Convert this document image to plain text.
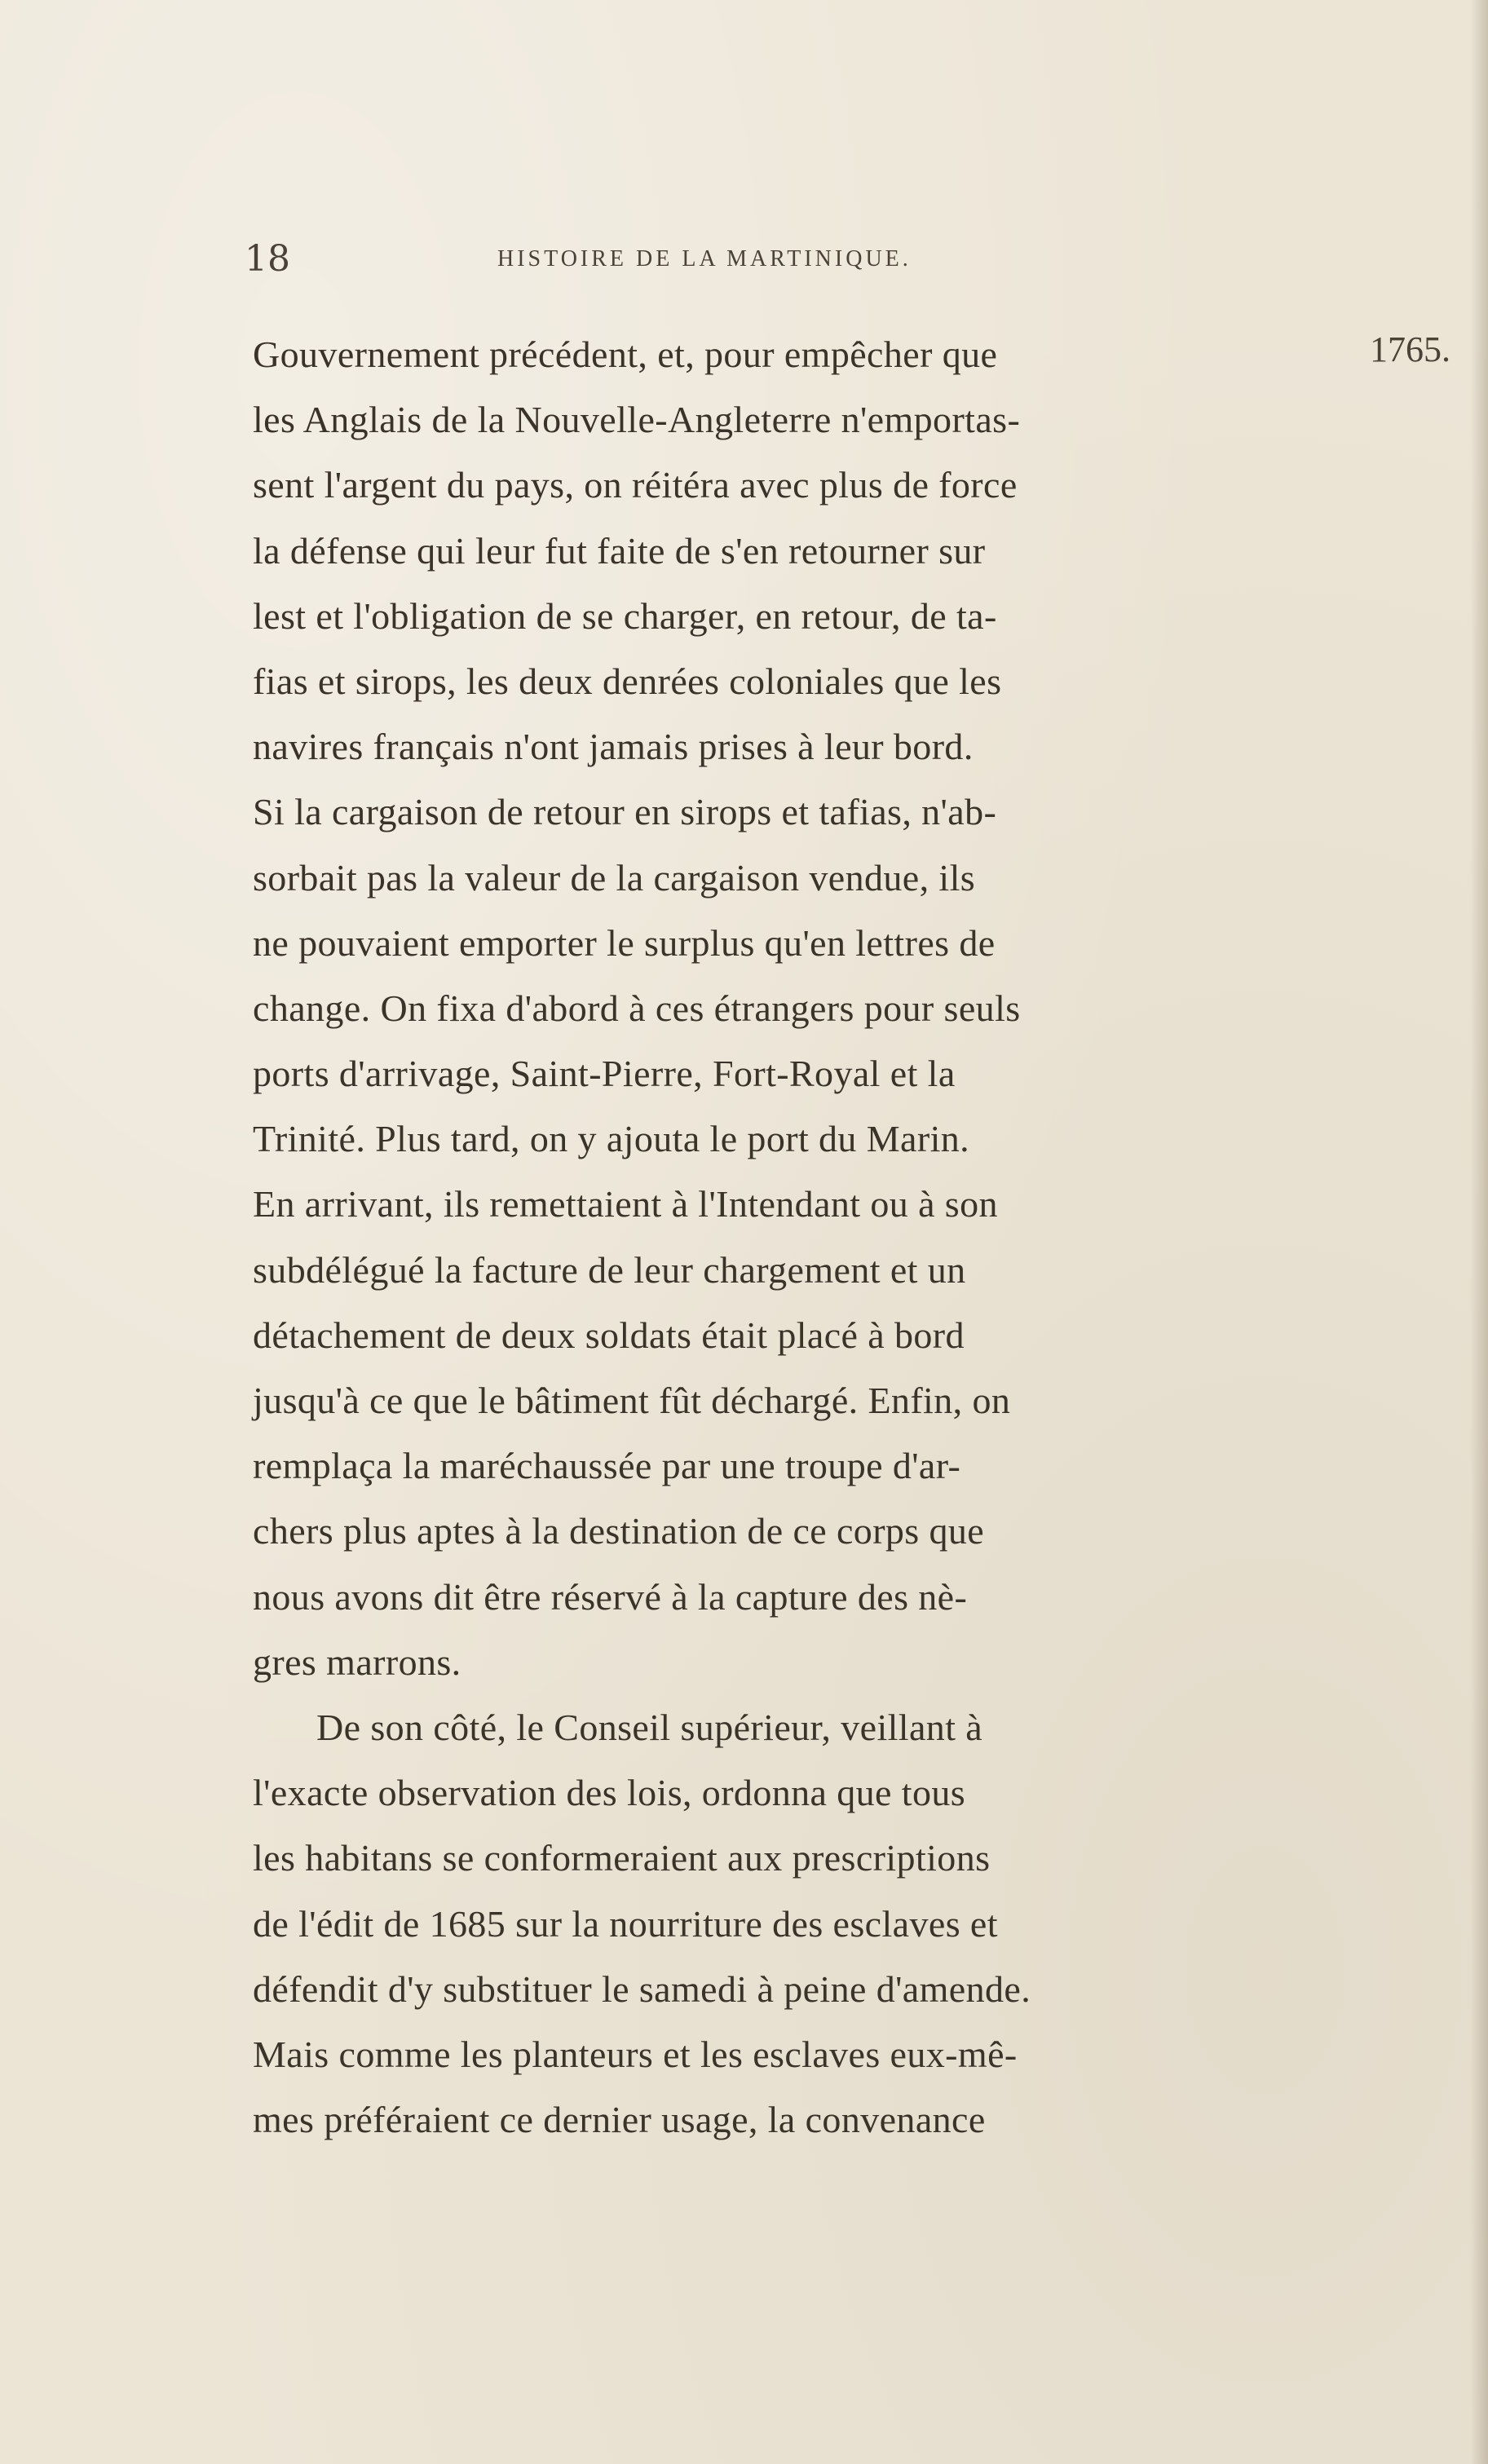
18	HISTOIRE DE LA MARTINIQUE.
1765.
Gouvernement précédent, et, pour empêcher que
les Anglais de la Nouvelle-Angleterre n'emportas-
sent l'argent du pays, on réitéra avec plus de force
la défense qui leur fut faite de s'en retourner sur
lest et l'obligation de se charger, en retour, de ta-
fias et sirops, les deux denrées coloniales que les
navires français n'ont jamais prises à leur bord.
Si la cargaison de retour en sirops et tafias, n'ab-
sorbait pas la valeur de la cargaison vendue, ils
ne pouvaient emporter le surplus qu'en lettres de
change. On fixa d'abord à ces étrangers pour seuls
ports d'arrivage, Saint-Pierre, Fort-Royal et la
Trinité. Plus tard, on y ajouta le port du Marin.
En arrivant, ils remettaient à l'Intendant ou à son
subdélégué la facture de leur chargement et un
détachement de deux soldats était placé à bord
jusqu'à ce que le bâtiment fût déchargé. Enfin, on
remplaça la maréchaussée par une troupe d'ar-
chers plus aptes à la destination de ce corps que
nous avons dit être réservé à la capture des nè-
gres marrons.
De son côté, le Conseil supérieur, veillant à
l'exacte observation des lois, ordonna que tous
les habitans se conformeraient aux prescriptions
de l'édit de 1685 sur la nourriture des esclaves et
défendit d'y substituer le samedi à peine d'amende.
Mais comme les planteurs et les esclaves eux-mê-
mes préféraient ce dernier usage, la convenance
